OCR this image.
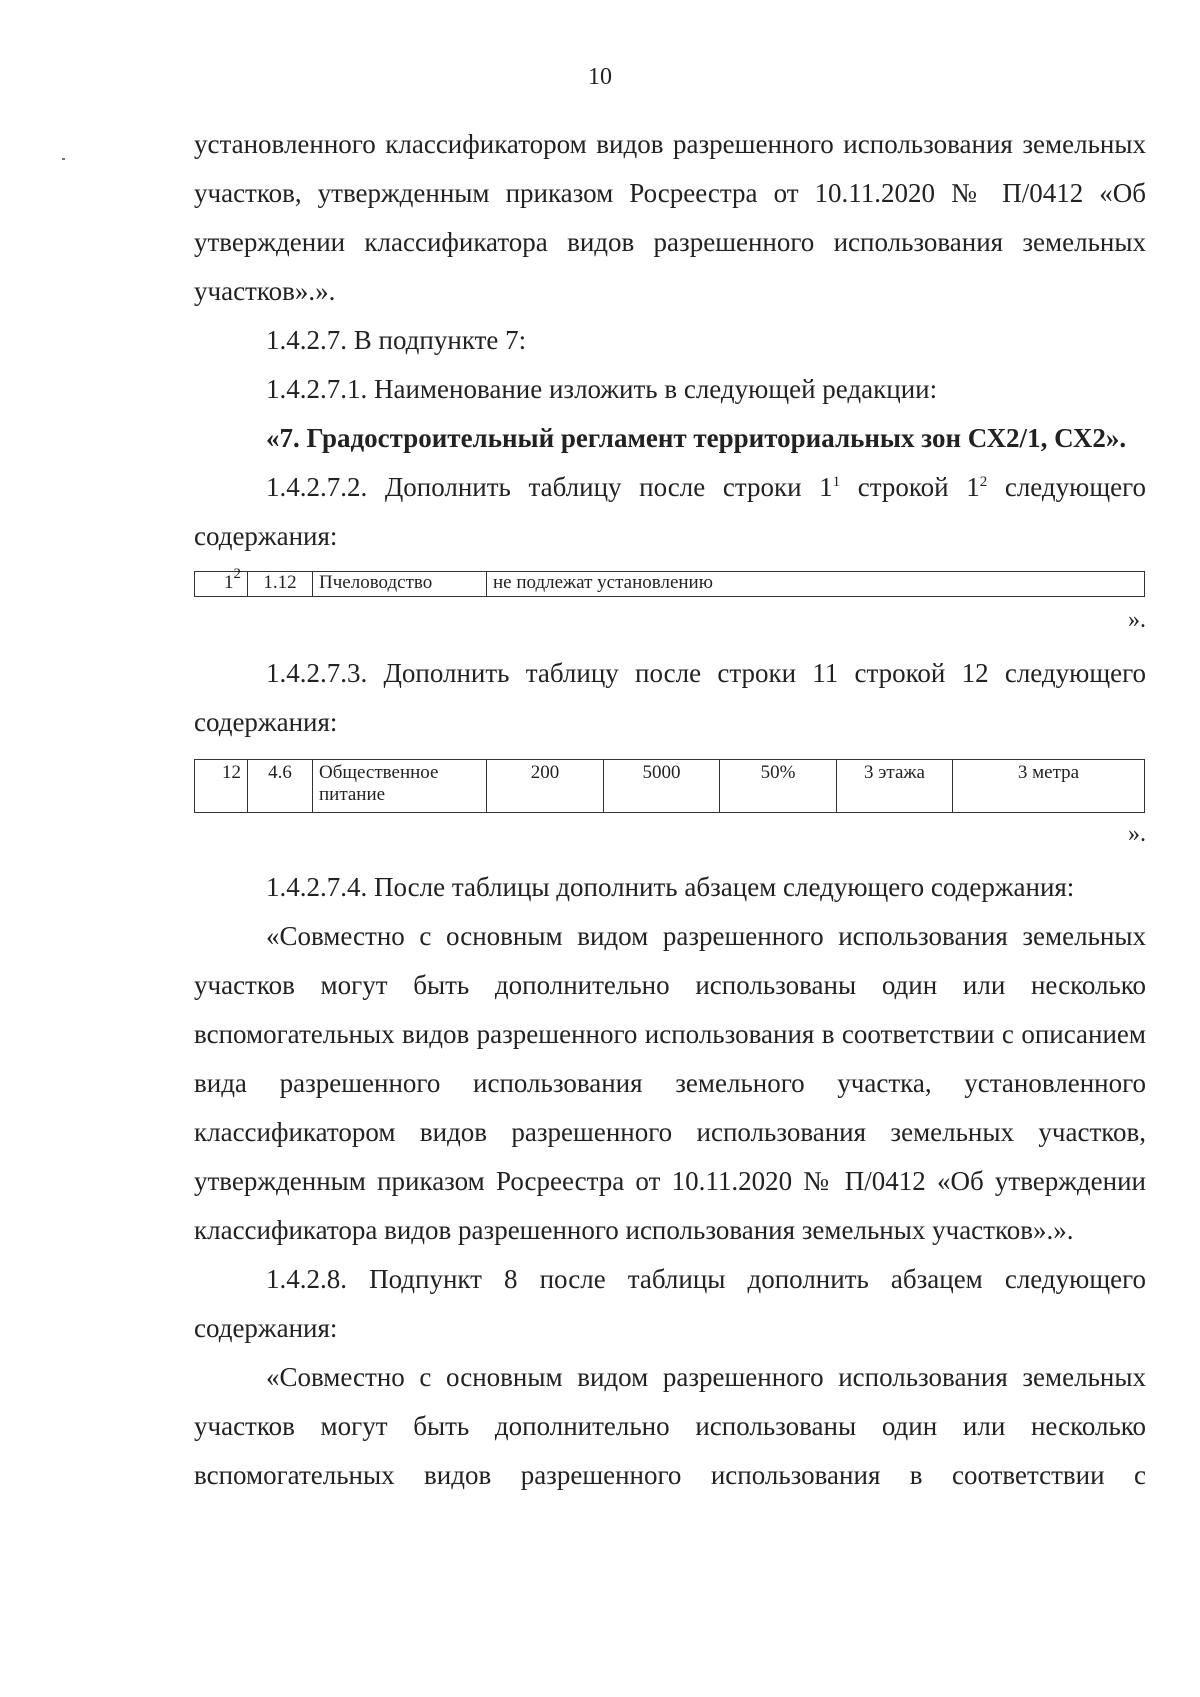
10

установленного классификатором видов разрешенного использования земельных участков, утвержденным приказом Росреестра от 10.11.2020 № П/0412 «Об утверждении классификатора видов разрешенного использования земельных участков».».

1.4.2.7. В подпункте 7:

1.4.2.7.1. Наименование изложить в следующей редакции:

«7. Градостроительный регламент территориальных зон СХ2/1, СХ2».

1.4.2.7.2. Дополнить таблицу после строки $1^1$ строкой $1^2$ следующего содержания:

$1^2$	1.12	Пчеловодство	не подлежат установлению
».

1.4.2.7.3. Дополнить таблицу после строки 11 строкой 12 следующего содержания:

12	4.6	Общественное питание	200	5000	50%	3 этажа	3 метра
».

1.4.2.7.4. После таблицы дополнить абзацем следующего содержания:

«Совместно с основным видом разрешенного использования земельных участков могут быть дополнительно использованы один или несколько вспомогательных видов разрешенного использования в соответствии с описанием вида разрешенного использования земельного участка, установленного классификатором видов разрешенного использования земельных участков, утвержденным приказом Росреестра от 10.11.2020 № П/0412 «Об утверждении классификатора видов разрешенного использования земельных участков».».

1.4.2.8. Подпункт 8 после таблицы дополнить абзацем следующего содержания:

«Совместно с основным видом разрешенного использования земельных участков могут быть дополнительно использованы один или несколько вспомогательных видов разрешенного использования в соответствии с
